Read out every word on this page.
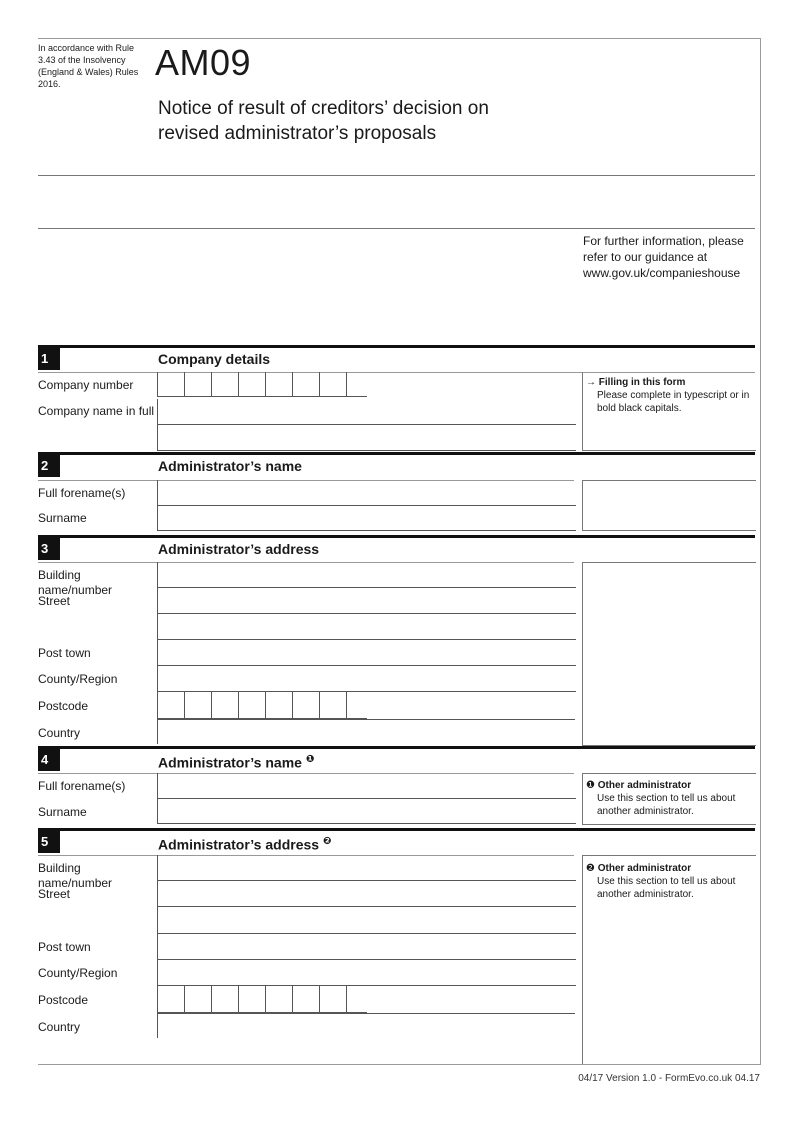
In accordance with Rule 3.43 of the Insolvency (England & Wales) Rules 2016.
AM09
Notice of result of creditors’ decision on
revised administrator’s proposals
For further information, please
refer to our guidance at
www.gov.uk/companieshouse
1	Company details
Company number
Company name in full
→ Filling in this form
Please complete in typescript or in
bold black capitals.
2	Administrator’s name
Full forename(s)
Surname
3	Administrator’s address
Building name/number
Street
Post town
County/Region
Postcode
Country
4	Administrator’s name $^❶$
Full forename(s)
Surname
❶ Other administrator
Use this section to tell us about
another administrator.
5	Administrator’s address $^❷$
Building name/number
Street
Post town
County/Region
Postcode
Country
❷ Other administrator
Use this section to tell us about
another administrator.
04/17 Version 1.0 - FormEvo.co.uk 04.17
